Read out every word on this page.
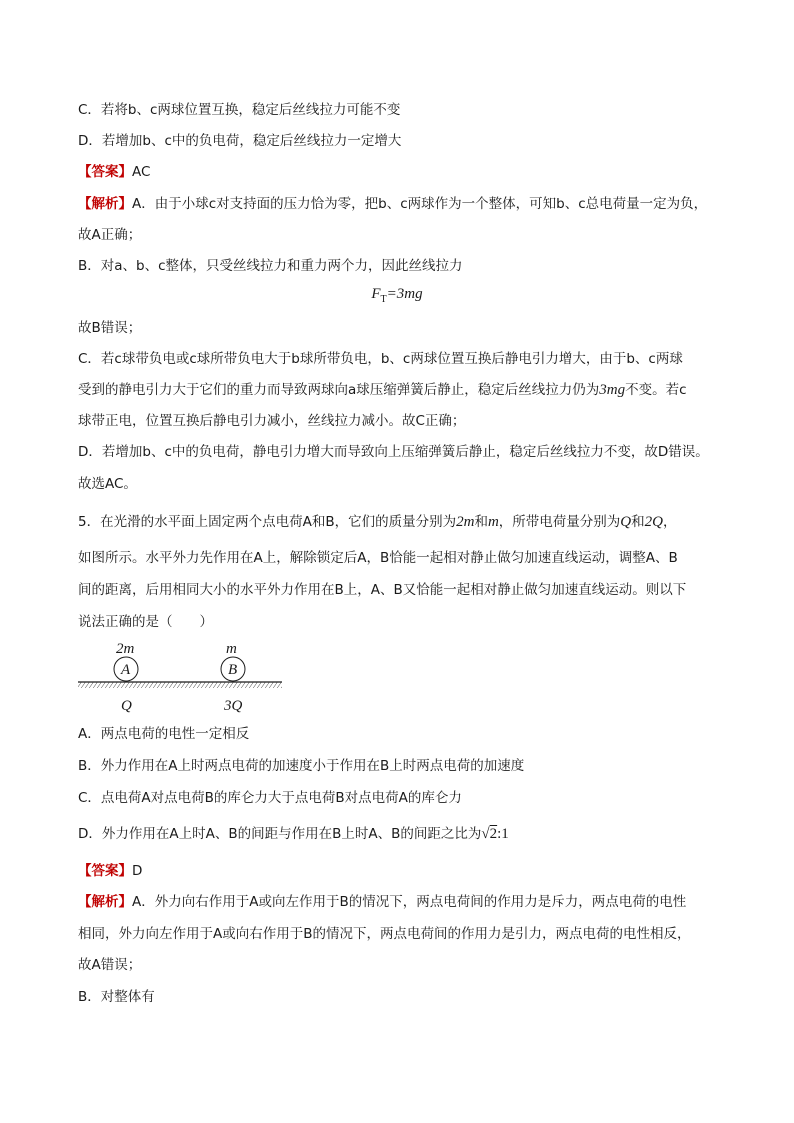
C．若将b、c两球位置互换，稳定后丝线拉力可能不变
D．若增加b、c中的负电荷，稳定后丝线拉力一定增大
【答案】AC
【解析】A．由于小球c对支持面的压力恰为零，把b、c两球作为一个整体，可知b、c总电荷量一定为负，
故A正确；
B．对a、b、c整体，只受丝线拉力和重力两个力，因此丝线拉力
$F_T=3mg$
故B错误；
C．若c球带负电或c球所带负电大于b球所带负电，b、c两球位置互换后静电引力增大，由于b、c两球
受到的静电引力大于它们的重力而导致两球向a球压缩弹簧后静止，稳定后丝线拉力仍为3mg不变。若c
球带正电，位置互换后静电引力减小，丝线拉力减小。故C正确；
D．若增加b、c中的负电荷，静电引力增大而导致向上压缩弹簧后静止，稳定后丝线拉力不变，故D错误。
故选AC。
5．在光滑的水平面上固定两个点电荷A和B，它们的质量分别为2m和m，所带电荷量分别为Q和2Q，
如图所示。水平外力先作用在A上，解除锁定后A，B恰能一起相对静止做匀加速直线运动，调整A、B
间的距离，后用相同大小的水平外力作用在B上，A、B又恰能一起相对静止做匀加速直线运动。则以下
说法正确的是（　　）
2m
A
m
B
Q	3Q
A．两点电荷的电性一定相反
B．外力作用在A上时两点电荷的加速度小于作用在B上时两点电荷的加速度
C．点电荷A对点电荷B的库仑力大于点电荷B对点电荷A的库仑力
D．外力作用在A上时A、B的间距与作用在B上时A、B的间距之比为√2:1
【答案】D
【解析】A．外力向右作用于A或向左作用于B的情况下，两点电荷间的作用力是斥力，两点电荷的电性
相同，外力向左作用于A或向右作用于B的情况下，两点电荷间的作用力是引力，两点电荷的电性相反，
故A错误；
B．对整体有
